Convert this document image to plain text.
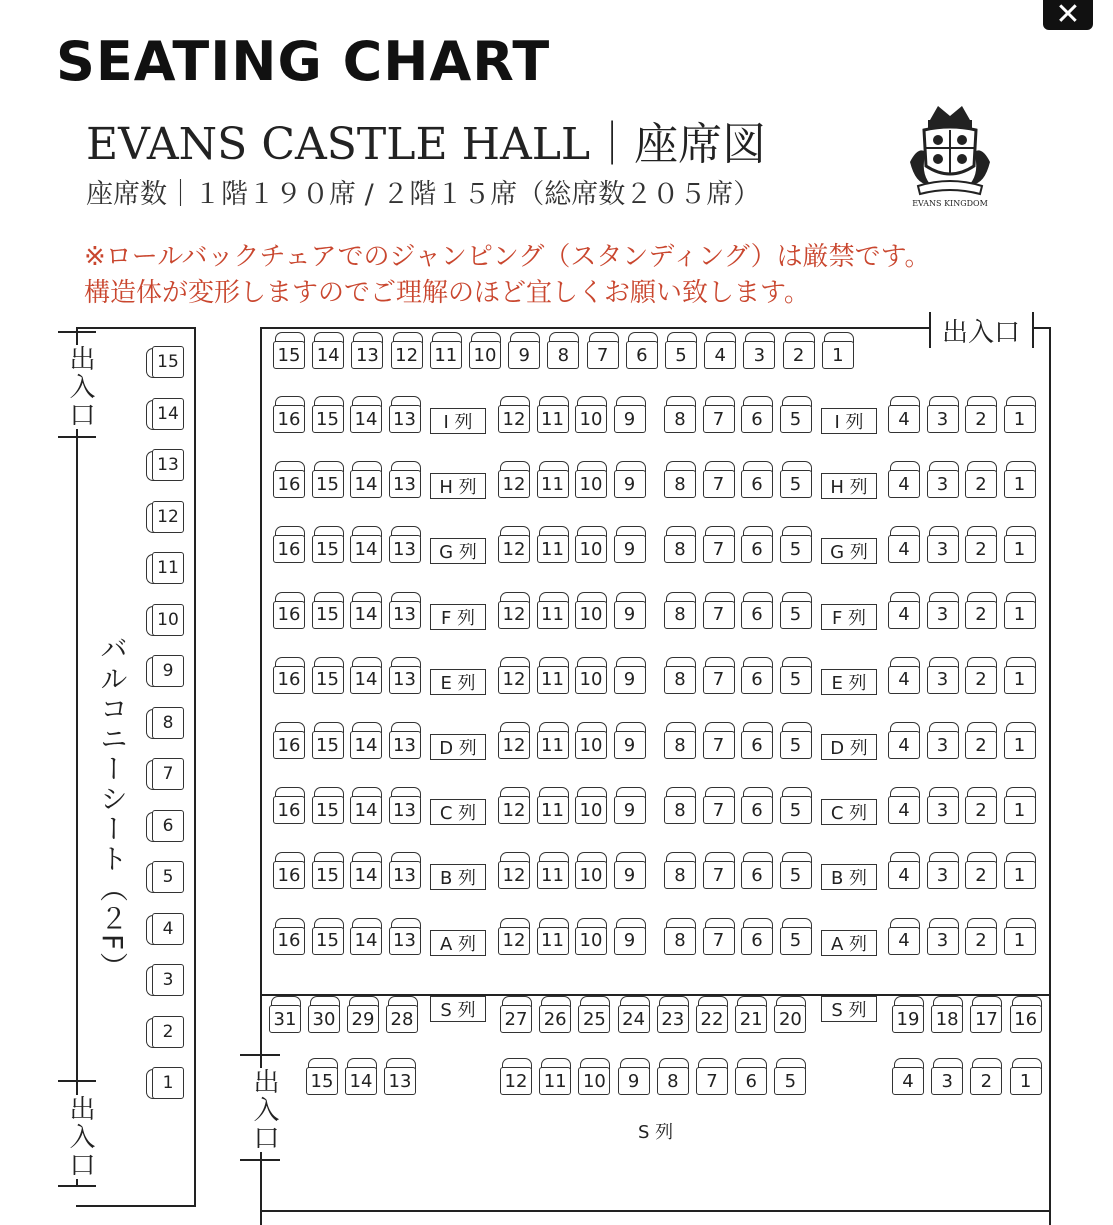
✕
SEATING CHART
EVANS CASTLE HALL｜座席図
座席数｜１階１９０席 / ２階１５席（総席数２０５席）
※ロールバックチェアでのジャンピング（スタンディング）は厳禁です。
構造体が変形しますのでご理解のほど宜しくお願い致します。
EVANS KINGDOM
出入口
出入口
バルコニーシート（２F）
15
14
13
12
11
10
9
8
7
6
5
4
3
2
1
出入口
出入口
15 14 13 12 11 10	9	8	7	6	5	4	3	2	1
16 15 14 13	I 列	12 11 10	9	8	7	6	5	I 列	4	3	2	1
16 15 14 13	H 列	12 11 10	9	8	7	6	5	H 列	4	3	2	1
16 15 14 13	G 列	12 11 10	9	8	7	6	5	G 列	4	3	2	1
16 15 14 13	F 列	12 11 10	9	8	7	6	5	F 列	4	3	2	1
16 15 14 13	E 列	12 11 10	9	8	7	6	5	E 列	4	3	2	1
16 15 14 13	D 列	12 11 10	9	8	7	6	5	D 列	4	3	2	1
16 15 14 13	C 列	12 11 10	9	8	7	6	5	C 列	4	3	2	1
16 15 14 13	B 列	12 11 10	9	8	7	6	5	B 列	4	3	2	1
16 15 14 13	A 列	12 11 10	9	8	7	6	5	A 列	4	3	2	1
31 30 29 28	S 列	27 26 25 24 23 22 21 20	S 列	19 18 17 16
15 14 13	12 11 10	9	8	7	6	5	4	3	2	1
S 列
